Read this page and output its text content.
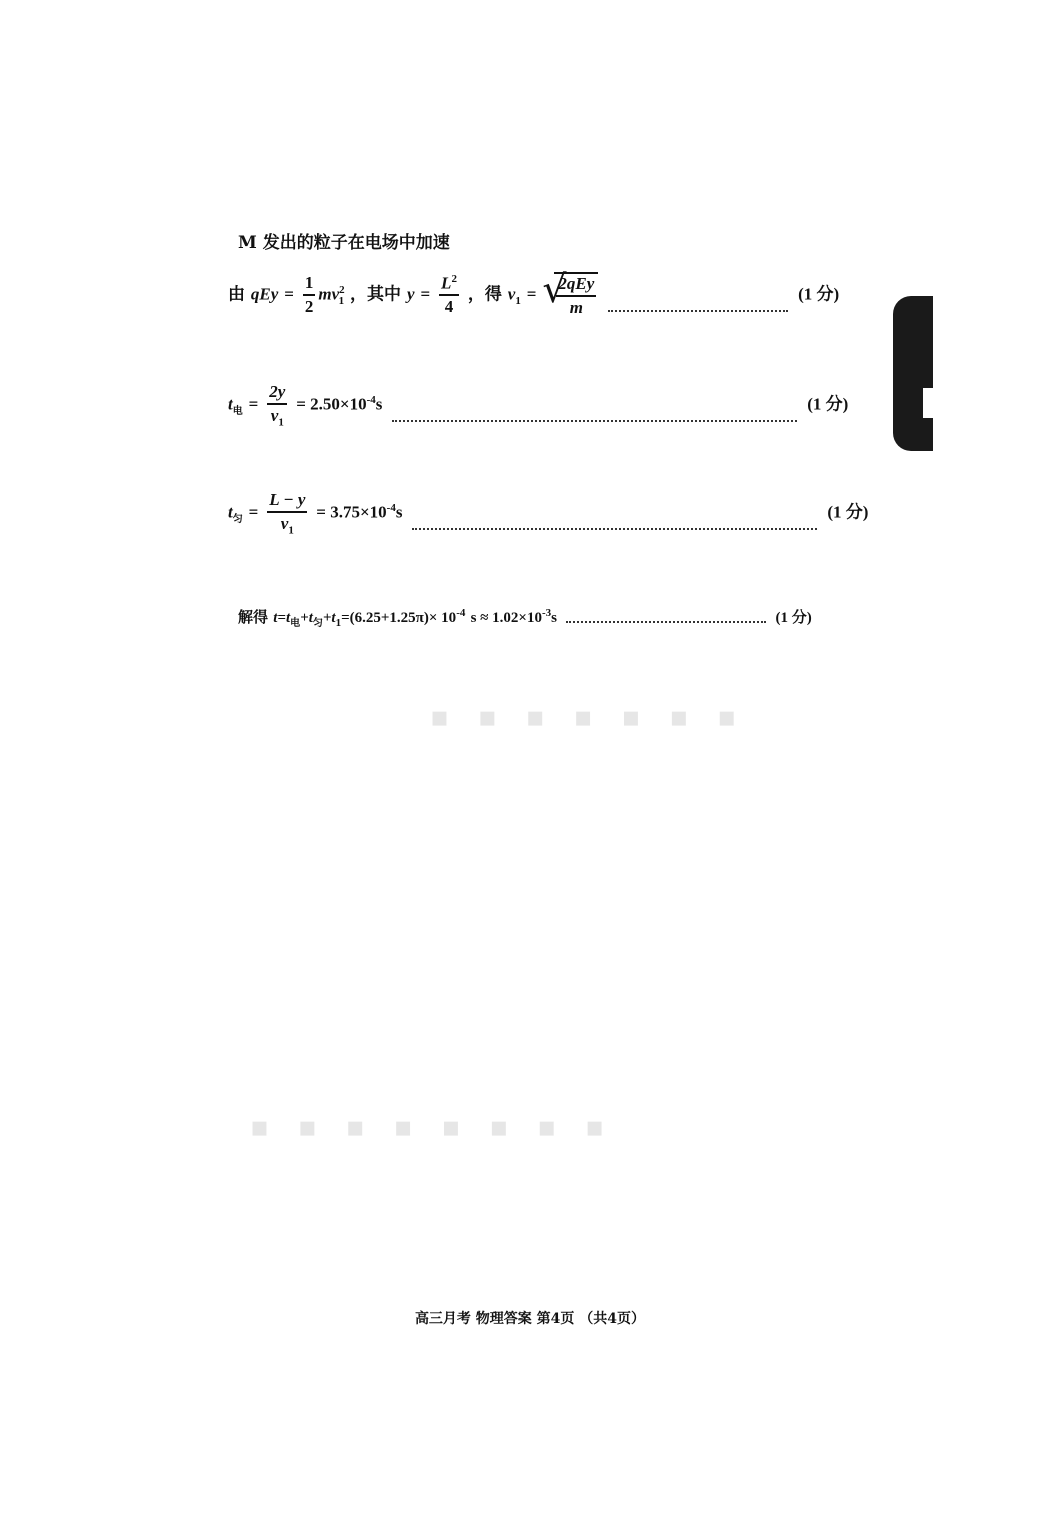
▪ ▪ ▪ ▪ ▪ ▪ ▪
▪ ▪ ▪ ▪ ▪ ▪ ▪ ▪
M 发出的粒子在电场中加速
由 qEy = $\frac{1}{2} mv^2_1$ ，其中 $y = \frac{L^2}{4}$ ，得 $v_1$ = √
$\frac{\text{2qEy}}{m}$	(1 分)
$t_电 = \frac{2y}{v_1} = 2.50\times 10^{-4}s$	(1 分)
$t_匀 = \frac{L - y}{v_1} = 3.75\times 10^{-4}s$	(1 分)
解得 $t=t_电+t_匀+t_1=(6.25+1.25\pi)\times 10^{-4}$ $s \approx 1.02\times 10^{-3}s$	(1 分)
高三月考 物理答案 第4页 （共4页）
